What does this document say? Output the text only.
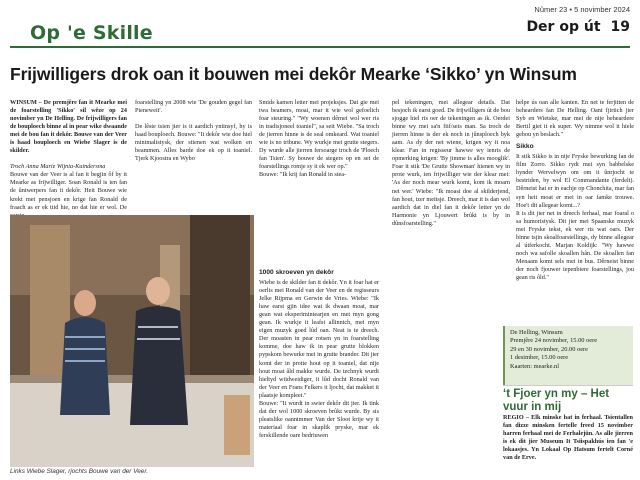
Op 'e Skille
Nûmer 23 • 5 novimber 2024
Der op út 19
Frijwilligers drok oan it bouwen mei dekôr Mearke ‘Sikko’ yn Winsum

WINSUM – De premjêre fan it Mearke mei de foarstelling 'Sikko' sil wêze op 24 novimber yn De Helling. De frijwilligers fan de bouploech binne al in pear wike dwaande mei de bou fan it dekôr. Bouwe van der Veer is haad bouploech en Wiebe Slager is de skilder.

Troch Anna Marie Wijnia-Kuindersma

Bouwe van der Veer is al fan it begjin ôf by it Mearke as frijwilliger. Soan Ronald is ien fan de ûntwerpers fan it dekôr. Heit Bouwe wie krekt met pensjoen en krige fan Ronald de fraach as er ek tiid hie, no dat hie er wol. De

foarstelling yn 2008 wie 'De gouden gegel fan Pieneweit'.

De lêste tsien jier is it aardich yntinsyf, hy is haad bouploech. Bouwe: "It dekôr wie doe hiel minimalistysk, der stienen wat wolken en beammen. Alles barde doe ek op it toaniel. Tjerk Kjoostra en Wybo

Smids kamen letter mei projeksjes. Dat gie mei twa beamers, moai, mar it wie wol gefoelich foar steuring." "Wy woenen dêrnei wol wer ris in tradisjoneel toaniel", sa seit Wiebe. "Sa troch de jierren hinne is de seal omkeard. Wat toaniel wie is no tribune. Wy wurkje mei grutte stegers. Dy wurde alle jierren fersoarge troch de 'Ploech fan Tsien'. Sy bouwe de stegers op en set de foarstellings romje sy it ek wer op."

Bouwe: "Ik krij fan Ronald in stea-

1000 skroeven yn dekôr

Wiebe is de skilder fan it dekôr. Yn it foar hat er oerlis mei Ronald van der Veer en de regisseurs Jelke Rijpma en Gerwin de Vries. Wiebe: "Ik haw earst gjin idee wat ik dwaan moat, mar gean wat eksperimintearjen en met myn gong gean. Ik wurkje it leafst allinnich, mei myn eigen muzyk goed lûd oan. Neat is te dreech. Der moasten in pear rotsen yn in foarstelling komme, doe haw ik in pear grutte blokken pypskom bewurke mei in grutte brander. Dit jier komt der in protte hout op it toaniel, dat nije hout moat âld makke wurde. De technyk wurdt hieltyd wiidweidiger, it lûd docht Ronald van der Veer en Frans Felkers it ljocht, dat makket it plaatsje kompleet."

Bouwe: "It wurdt in swier dekôr dit jier. Ik tink dat der wol 1000 skroeven brûkt wurde. By sis pleatslike oannimmer Van der Sloot krije wy it materiaal foar in skaplik pryske, mar ek ferskillende oare bedriuwen

pel tekeningen, mei allegear details. Dat besjoch ik earst goed. De frijwilligers út de bou sjogge hiel ris oer de tekeningen as ik. Oerdei binne wy mei sa'n fiif/seis man. Sa troch de jierren hinne is der ek noch in jûnsploech byk aam. As dy der net wiene, krigen wy it noa klear. Fan in regisseur hawwe wy ienris de opmerking krigen: 'By jimme is alles mooglik'. Foar it stik 'De Grutte Showman' hienen wy in prote wurk, ien frijwilliger wie der klear mei: 'As der noch mear wurk komt, kom ik moarn net wer.' Wiebe: "Ik moast doe al skilderjend, fan hout, izer meitsje. Dreech, mar it is dan wol aardich dat in diel fan it dekôr letter yn de Harmonie yn Ljouwert brûkt is by in dûnsfoarstelling."

helpe ús oan alle kanten. En net te ferjitten de behearders fan De Helling. Oant fjirtich jier Syb en Wietske, mar mei de nije beheardere Bertil giet it ek super. Wy nimme wol it hiele gebou yn beslach."

Sikko

It stik Sikko is in nije Fryske bewurking fan de film Zorro. Sikko rydt mei syn babbelske hynder Wervelwyn om om it ûnrjocht te bestriden, by wol El Commandante (ferdelt). Dêrneist hat er in eachje op Chonchita, mar fan syn heit moat er mei in oar famke trouwe. Hoe't dit allegear komt...?

It is dit jier net in dreech ferhaal, mar foaral o sa humoristysk. Dit jier mei Spaanske muzyk mei Fryske tekst, ek wer ris wat oars. Der binne tsjin skoalfoarstellings, dy binne allegear al útferkocht. Marjan Koldijk: "Wy hawwe noch wa safolle skoallen hân. De skoallen fan Menaam komt sels mei in bus. Dêrneist binne der noch fjouwer iepenbiere foarstellings, jou gean ris ôld."

Links Wiebe Slager, rjochts Bouwe van der Veer.
De Helling, Winsum
Premjêre 24 novimber, 15.00 oere
29 en 30 novimber, 20.00 oere
1 desimber, 15.00 oere
Kaarten: mearke.nl
‘t Fjoer yn my – Het vuur in mij
REGIO – Elk minske hat in ferhaal. Tsientallen fan dizze minsken fertelle freed 15 novimber harren ferhaal mei de Ferhalejûn. As alle jierren is ek dit jier Museum It Tsiispakhús ien fan 'e lokaasjes. Yn Lokaal Op Hatsum fertelt Corné van de Erve.
